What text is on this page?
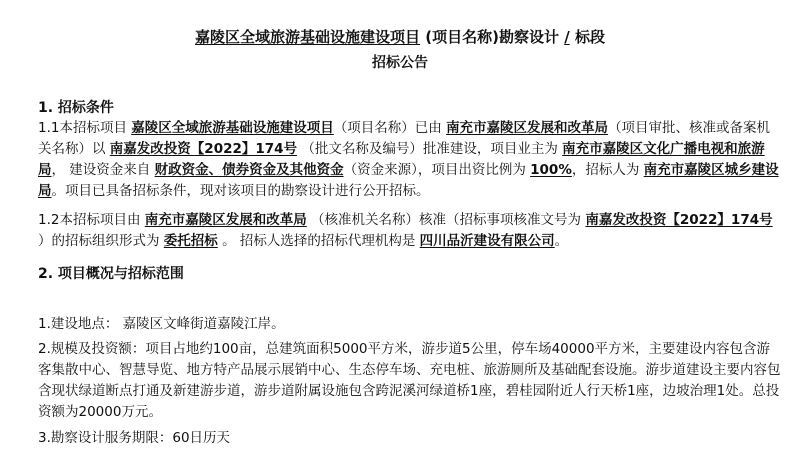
嘉陵区全域旅游基础设施建设项目 (项目名称)勘察设计 / 标段
招标公告
1. 招标条件
1.1本招标项目 嘉陵区全域旅游基础设施建设项目（项目名称）已由 南充市嘉陵区发展和改革局（项目审批、核准或备案机关名称）以 南嘉发改投资【2022】174号 （批文名称及编号）批准建设，项目业主为 南充市嘉陵区文化广播电视和旅游局， 建设资金来自 财政资金、债券资金及其他资金（资金来源），项目出资比例为 100%，招标人为 南充市嘉陵区城乡建设局。项目已具备招标条件，现对该项目的勘察设计进行公开招标。
1.2本招标项目由 南充市嘉陵区发展和改革局 （核准机关名称）核准（招标事项核准文号为 南嘉发改投资【2022】174号 ）的招标组织形式为 委托招标 。 招标人选择的招标代理机构是 四川品沂建设有限公司。
2. 项目概况与招标范围
1.建设地点： 嘉陵区文峰街道嘉陵江岸。
2.规模及投资额：项目占地约100亩，总建筑面积5000平方米，游步道5公里，停车场40000平方米，主要建设内容包含游客集散中心、智慧导览、地方特产品展示展销中心、生态停车场、充电桩、旅游厕所及基础配套设施。游步道建设主要内容包含现状绿道断点打通及新建游步道，游步道附属设施包含跨泥溪河绿道桥1座，碧桂园附近人行天桥1座，边坡治理1处。总投资额为20000万元。
3.勘察设计服务期限：60日历天
